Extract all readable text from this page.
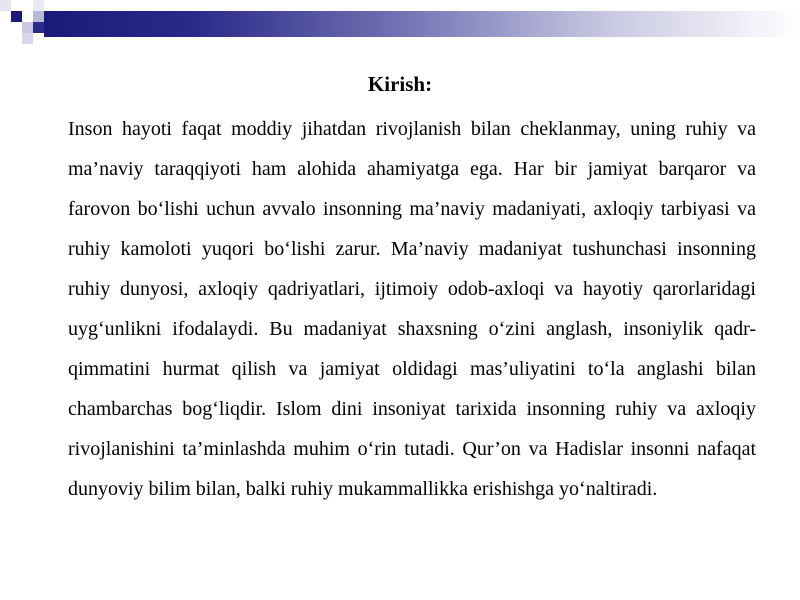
Kirish:

Inson hayoti faqat moddiy jihatdan rivojlanish bilan cheklanmay, uning ruhiy va ma’naviy taraqqiyoti ham alohida ahamiyatga ega. Har bir jamiyat barqaror va farovon bo‘lishi uchun avvalo insonning ma’naviy madaniyati, axloqiy tarbiyasi va ruhiy kamoloti yuqori bo‘lishi zarur. Ma’naviy madaniyat tushunchasi insonning ruhiy dunyosi, axloqiy qadriyatlari, ijtimoiy odob-axloqi va hayotiy qarorlaridagi uyg‘unlikni ifodalaydi. Bu madaniyat shaxsning o‘zini anglash, insoniylik qadr-qimmatini hurmat qilish va jamiyat oldidagi mas’uliyatini to‘la anglashi bilan chambarchas bog‘liqdir. Islom dini insoniyat tarixida insonning ruhiy va axloqiy rivojlanishini ta’minlashda muhim o‘rin tutadi. Qur’on va Hadislar insonni nafaqat dunyoviy bilim bilan, balki ruhiy mukammallikka erishishga yo‘naltiradi.
